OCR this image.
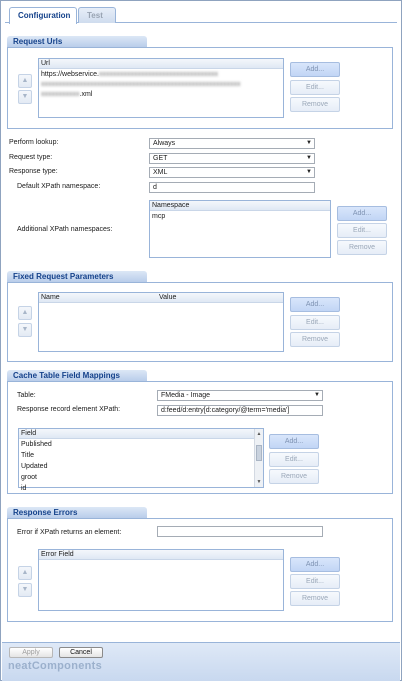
Configuration	Test
Request Urls
▲
▼
Url
https://webservice.xxxxxxxxxxxxxxxxxxxxxxxxxxxxxxxxxx
xxxxxxxxxxxxxxxxxxxxxxxxxxxxxxxxxxxxxxxxxxxxxxxxxxxxxxxxx
xxxxxxxxxxx.xml
Add...
Edit...
Remove
Perform lookup:	Always	▼
Request type:	GET	▼
Response type:	XML	▼
Default XPath namespace:	d
Additional XPath namespaces:
Namespace
mcp	Add...
Edit...
Remove
Fixed Request Parameters
▲
▼
Name	Value
Add...
Edit...
Remove
Cache Table Field Mappings
Table:	FMedia - Image	▼
Response record element XPath:	d:feed/d:entry[d:category/@term='media']
Field
Published
Title
Updated
groot
id
▲
▼
Add...
Edit...
Remove
Response Errors
Error if XPath returns an element:
▲
▼
Error Field
Add...
Edit...
Remove
Apply	Cancel
neatComponents
